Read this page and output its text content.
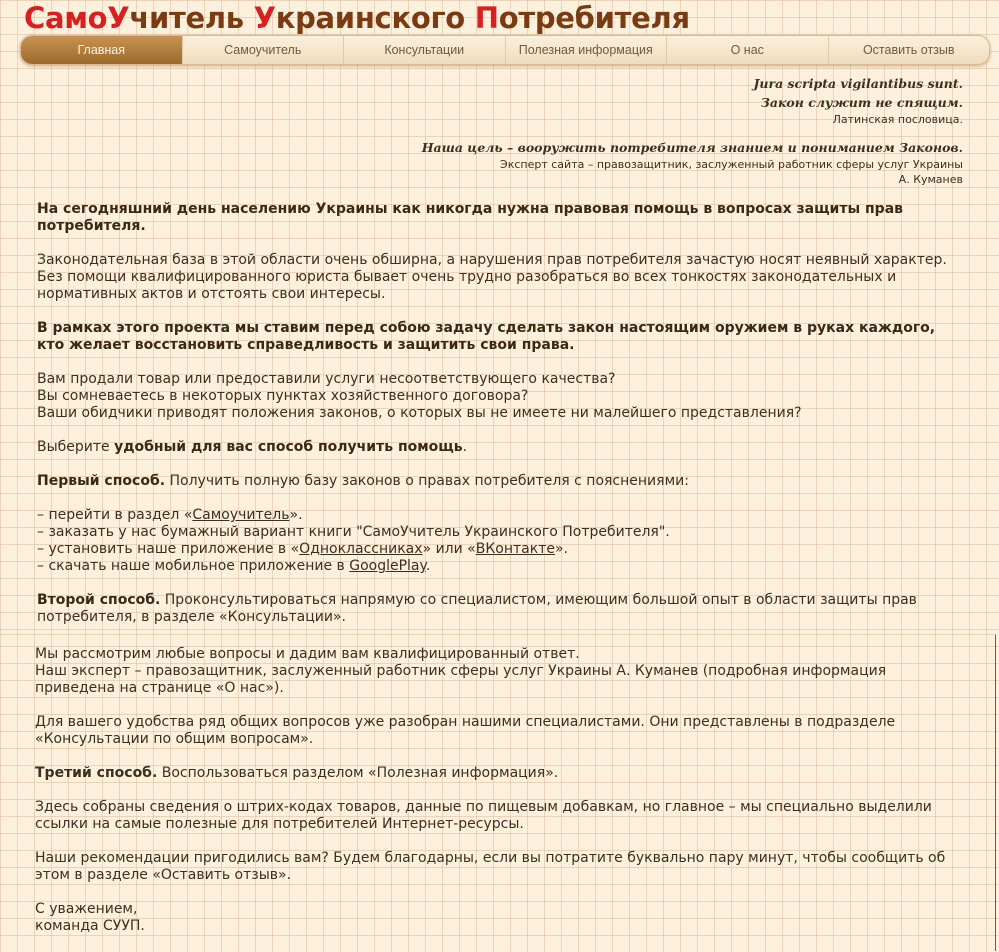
СамоУчитель Украинского Потребителя
Главная	Самоучитель	Консультации	Полезная информация	О нас	Оставить отзыв
Jura scripta vigilantibus sunt.
Закон служит не спящим.
Латинская пословица.
Наша цель – вооружить потребителя знанием и пониманием Законов.
Эксперт сайта – правозащитник, заслуженный работник сферы услуг Украины
А. Куманев

На сегодняшний день населению Украины как никогда нужна правовая помощь в вопросах защиты прав потребителя.

Законодательная база в этой области очень обширна, а нарушения прав потребителя зачастую носят неявный характер. Без помощи квалифицированного юриста бывает очень трудно разобраться во всех тонкостях законодательных и нормативных актов и отстоять свои интересы.

В рамках этого проекта мы ставим перед собою задачу сделать закон настоящим оружием в руках каждого, кто желает восстановить справедливость и защитить свои права.

Вам продали товар или предоставили услуги несоответствующего качества?
Вы сомневаетесь в некоторых пунктах хозяйственного договора?
Ваши обидчики приводят положения законов, о которых вы не имеете ни малейшего представления?

Выберите удобный для вас способ получить помощь.

Первый способ. Получить полную базу законов о правах потребителя с пояснениями:

– перейти в раздел «Самоучитель».
– заказать у нас бумажный вариант книги "СамоУчитель Украинского Потребителя".
– установить наше приложение в «Одноклассниках» или «ВКонтакте».
– скачать наше мобильное приложение в GooglePlay.

Второй способ. Проконсультироваться напрямую со специалистом, имеющим большой опыт в области защиты прав потребителя, в разделе «Консультации».

Мы рассмотрим любые вопросы и дадим вам квалифицированный ответ.
Наш эксперт – правозащитник, заслуженный работник сферы услуг Украины А. Куманев (подробная информация приведена на странице «О нас»).

Для вашего удобства ряд общих вопросов уже разобран нашими специалистами. Они представлены в подразделе «Консультации по общим вопросам».

Третий способ. Воспользоваться разделом «Полезная информация».

Здесь собраны сведения о штрих-кодах товаров, данные по пищевым добавкам, но главное – мы специально выделили ссылки на самые полезные для потребителей Интернет-ресурсы.

Наши рекомендации пригодились вам? Будем благодарны, если вы потратите буквально пару минут, чтобы сообщить об этом в разделе «Оставить отзыв».

С уважением,
команда СУУП.
